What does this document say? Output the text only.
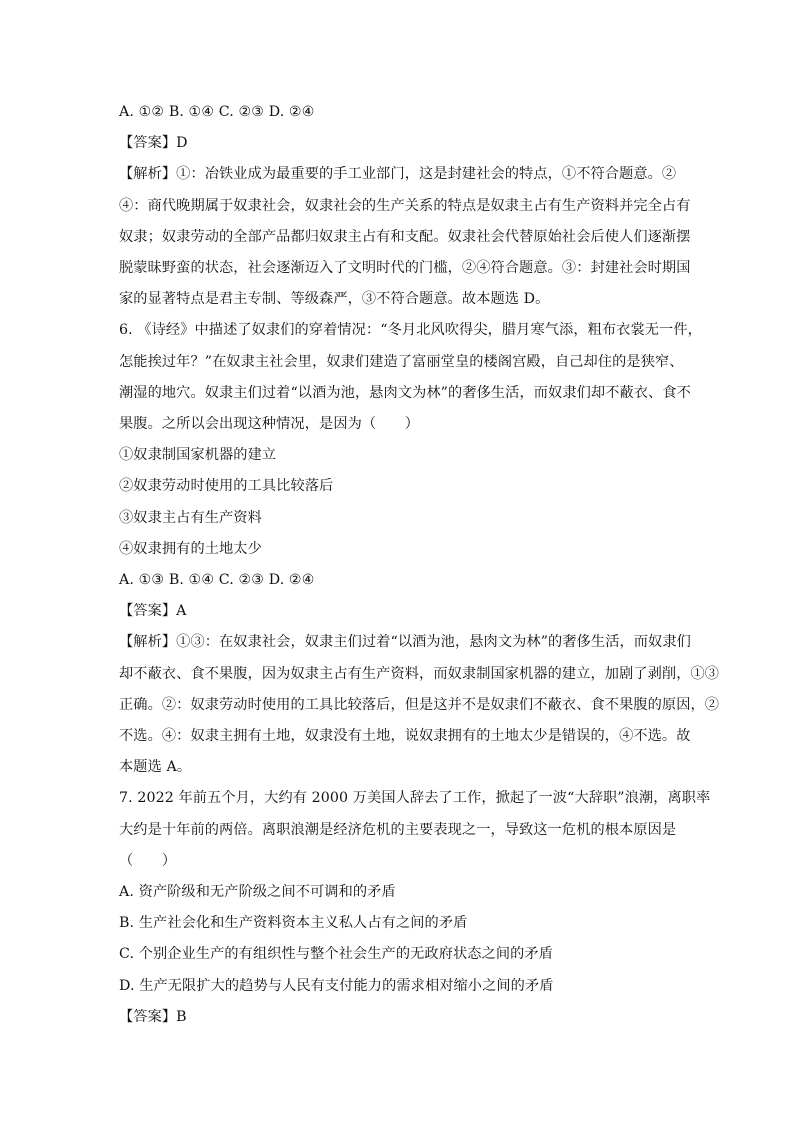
A. ①② B. ①④ C. ②③ D. ②④
【答案】D
【解析】①：冶铁业成为最重要的手工业部门，这是封建社会的特点，①不符合题意。②
④：商代晚期属于奴隶社会，奴隶社会的生产关系的特点是奴隶主占有生产资料并完全占有
奴隶；奴隶劳动的全部产品都归奴隶主占有和支配。奴隶社会代替原始社会后使人们逐渐摆
脱蒙昧野蛮的状态，社会逐渐迈入了文明时代的门槛，②④符合题意。③：封建社会时期国
家的显著特点是君主专制、等级森严，③不符合题意。故本题选 D。
6. 《诗经》中描述了奴隶们的穿着情况：“冬月北风吹得尖，腊月寒气添，粗布衣裳无一件，
怎能挨过年？”在奴隶主社会里，奴隶们建造了富丽堂皇的楼阁宫殿，自己却住的是狭窄、
潮湿的地穴。奴隶主们过着“以酒为池，悬肉文为林”的奢侈生活，而奴隶们却不蔽衣、食不
果腹。之所以会出现这种情况，是因为（　　）
①奴隶制国家机器的建立
②奴隶劳动时使用的工具比较落后
③奴隶主占有生产资料
④奴隶拥有的土地太少
A. ①③ B. ①④ C. ②③ D. ②④
【答案】A
【解析】①③：在奴隶社会，奴隶主们过着“以酒为池，悬肉文为林”的奢侈生活，而奴隶们
却不蔽衣、食不果腹，因为奴隶主占有生产资料，而奴隶制国家机器的建立，加剧了剥削，①③
正确。②：奴隶劳动时使用的工具比较落后，但是这并不是奴隶们不蔽衣、食不果腹的原因，②
不选。④：奴隶主拥有土地，奴隶没有土地，说奴隶拥有的土地太少是错误的，④不选。故
本题选 A。
7. 2022 年前五个月，大约有 2000 万美国人辞去了工作，掀起了一波“大辞职”浪潮，离职率
大约是十年前的两倍。离职浪潮是经济危机的主要表现之一，导致这一危机的根本原因是
（　　）
A. 资产阶级和无产阶级之间不可调和的矛盾
B. 生产社会化和生产资料资本主义私人占有之间的矛盾
C. 个别企业生产的有组织性与整个社会生产的无政府状态之间的矛盾
D. 生产无限扩大的趋势与人民有支付能力的需求相对缩小之间的矛盾
【答案】B
